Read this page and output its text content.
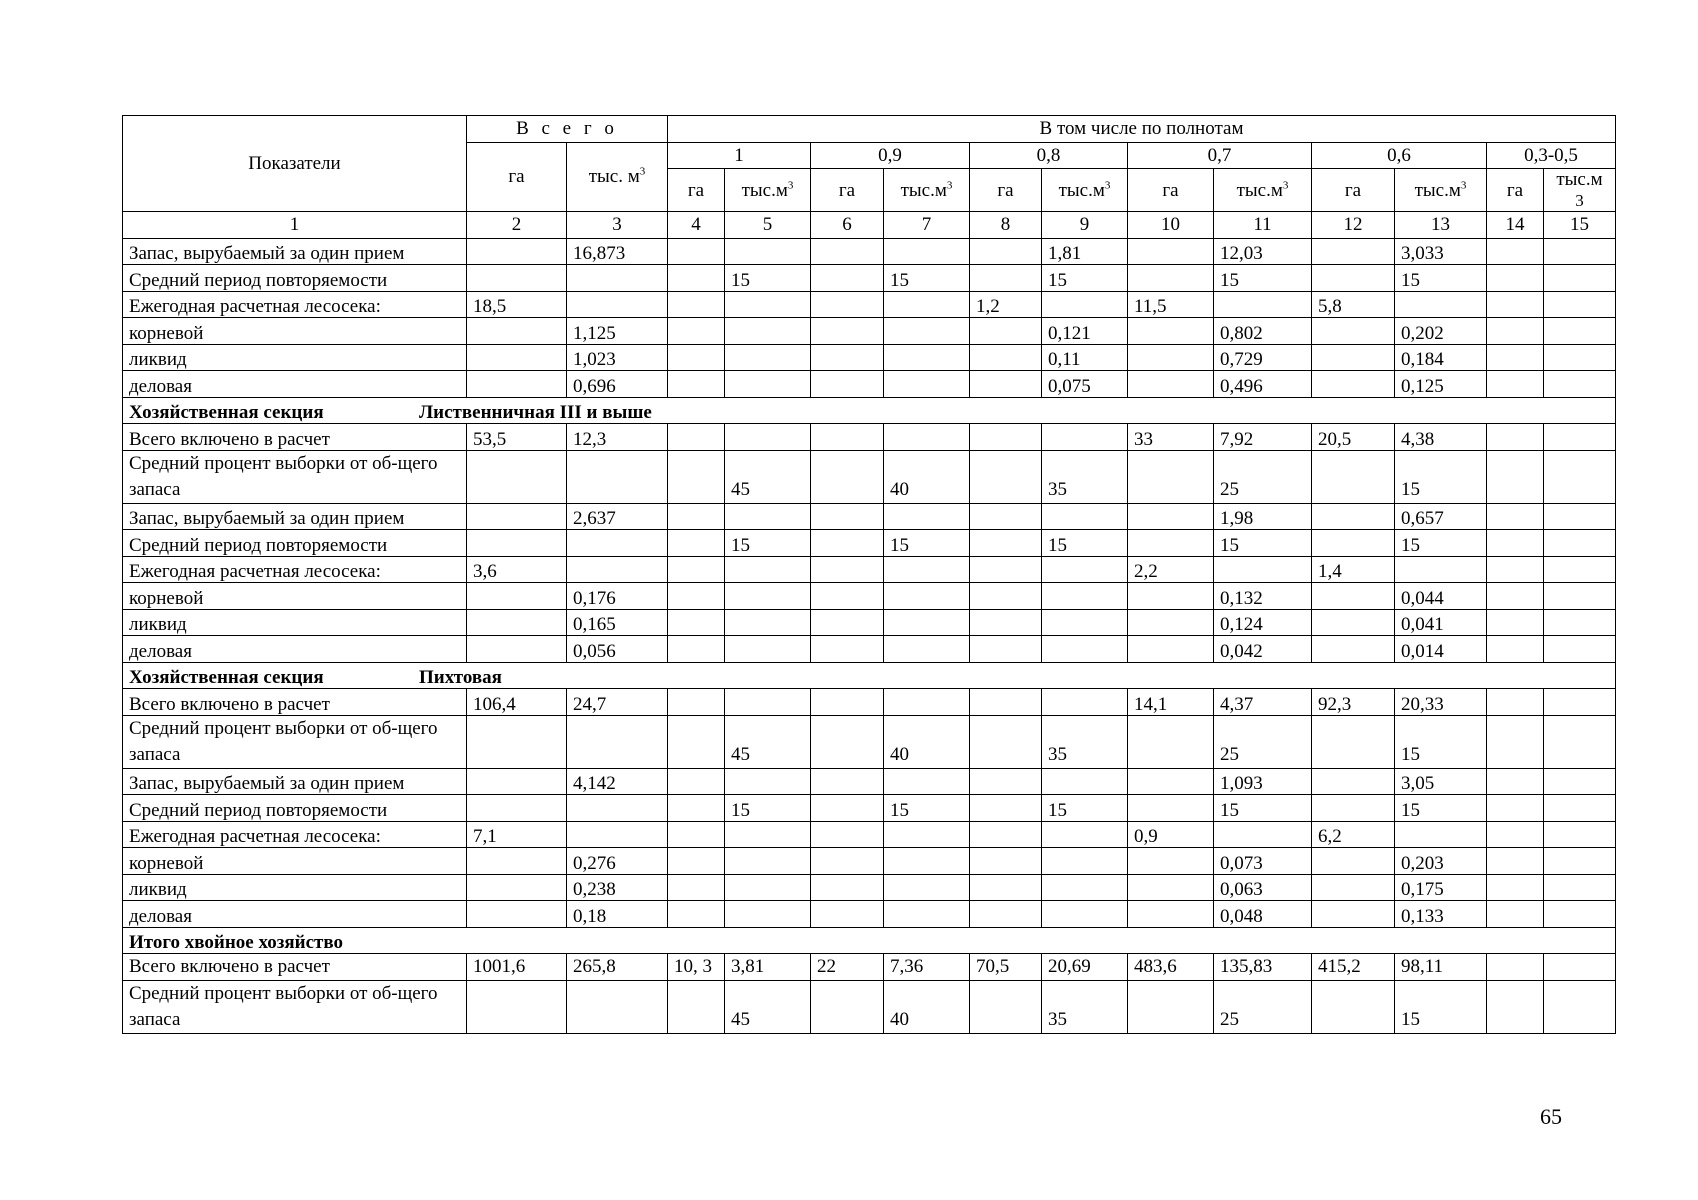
Показатели	В с е г о		В том числе по полнотам											
	га	тыс. $м^3$	1		0,9		0,8		0,7		0,6		0,3-0,5	
			га	$тыс.м^3$	га	$тыс.м^3$	га	$тыс.м^3$	га	$тыс.м^3$	га	$тыс.м^3$	га	тыс.м
3
1	2	3	4	5	6	7	8	9	10	11	12	13	14	15
Запас, вырубаемый за один прием		16,873						1,81		12,03		3,033		
Средний период повторяемости				15		15		15		15		15		
Ежегодная расчетная лесосека:	18,5						1,2		11,5		5,8			
корневой		1,125						0,121		0,802		0,202		
ликвид		1,023						0,11		0,729		0,184		
деловая		0,696						0,075		0,496		0,125		
Хозяйственная секция Лиственничная III и выше														
Всего включено в расчет	53,5	12,3							33	7,92	20,5	4,38		
Средний процент выборки от об-щего запаса				45		40		35		25		15		
Запас, вырубаемый за один прием		2,637								1,98		0,657		
Средний период повторяемости				15		15		15		15		15		
Ежегодная расчетная лесосека:	3,6								2,2		1,4			
корневой		0,176								0,132		0,044		
ликвид		0,165								0,124		0,041		
деловая		0,056								0,042		0,014		
Хозяйственная секция Пихтовая														
Всего включено в расчет	106,4	24,7							14,1	4,37	92,3	20,33		
Средний процент выборки от об-щего запаса				45		40		35		25		15		
Запас, вырубаемый за один прием		4,142								1,093		3,05		
Средний период повторяемости				15		15		15		15		15		
Ежегодная расчетная лесосека:	7,1								0,9		6,2			
корневой		0,276								0,073		0,203		
ликвид		0,238								0,063		0,175		
деловая		0,18								0,048		0,133		
Итого хвойное хозяйство														
Всего включено в расчет	1001,6	265,8	10, 3	3,81	22	7,36	70,5	20,69	483,6	135,83	415,2	98,11		
Средний процент выборки от об-щего запаса				45		40		35		25		15		
65
